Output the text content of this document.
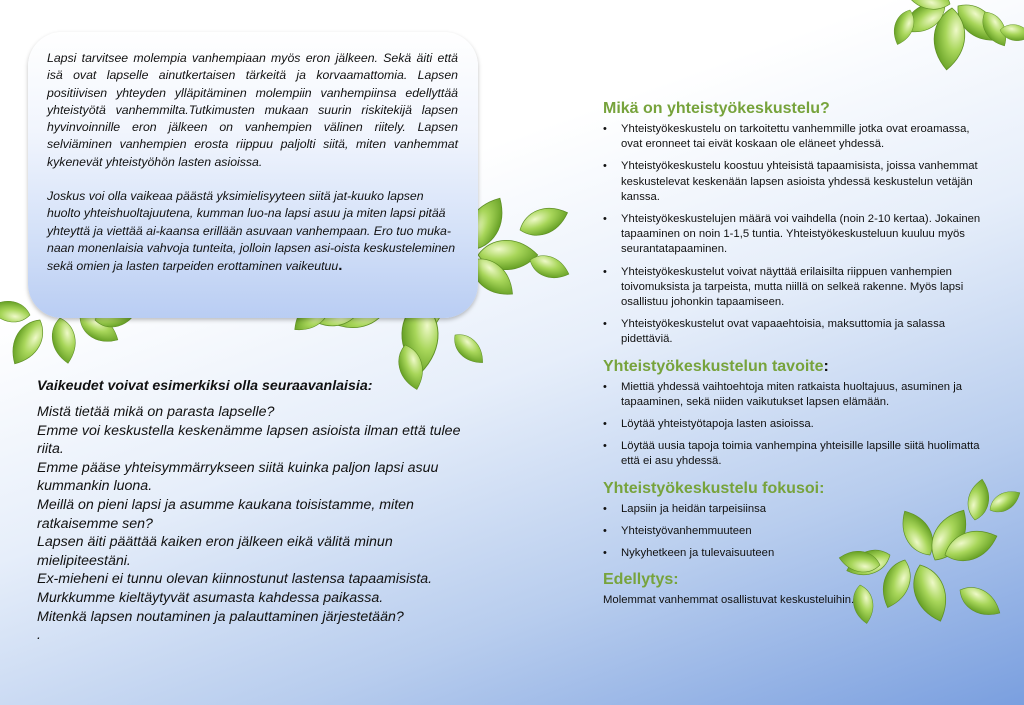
Lapsi tarvitsee molempia vanhempiaan myös eron jälkeen. Sekä äiti että isä ovat lapselle ainutkertaisen tärkeitä ja korvaamattomia. Lapsen positiivisen yhteyden ylläpitäminen molempiin vanhempiinsa edellyttää yhteistyötä vanhemmilta.Tutkimusten mukaan suurin riskitekijä lapsen hyvinvoinnille eron jälkeen on vanhempien välinen riitely. Lapsen selviäminen vanhempien erosta riippuu paljolti siitä, miten vanhemmat kykenevät yhteistyöhön lasten asioissa.

Joskus voi olla vaikeaa päästä yksimielisyyteen siitä jat-kuuko lapsen huolto yhteishuoltajuutena, kumman luo-na lapsi asuu ja miten lapsi pitää yhteyttä ja viettää ai-kaansa erillään asuvaan vanhempaan. Ero tuo muka-naan monenlaisia vahvoja tunteita, jolloin lapsen asi-oista keskusteleminen sekä omien ja lasten tarpeiden erottaminen vaikeutuu.

Vaikeudet voivat esimerkiksi olla seuraavanlaisia:

Mistä tietää mikä on parasta lapselle?

Emme voi keskustella keskenämme lapsen asioista ilman että tulee riita.

Emme pääse yhteisymmärrykseen siitä kuinka paljon lapsi asuu kummankin luona.

Meillä on pieni lapsi ja asumme kaukana toisistamme, miten ratkaisemme sen?

Lapsen äiti päättää kaiken eron jälkeen eikä välitä minun mielipiteestäni.

Ex-mieheni ei tunnu olevan kiinnostunut lastensa tapaamisista.

Murkkumme kieltäytyvät asumasta kahdessa paikassa.

Mitenkä lapsen noutaminen ja palauttaminen järjestetään?

.

Mikä on yhteistyökeskustelu?
• Yhteistyökeskustelu on tarkoitettu vanhemmille jotka ovat eroamassa, ovat eronneet tai eivät koskaan ole eläneet yhdessä.
• Yhteistyökeskustelu koostuu yhteisistä tapaamisista, joissa vanhemmat keskustelevat keskenään lapsen asioista yhdessä keskustelun vetäjän kanssa.
• Yhteistyökeskustelujen määrä voi vaihdella (noin 2-10 kertaa). Jokainen tapaaminen on noin 1-1,5 tuntia. Yhteistyökeskusteluun kuuluu myös seurantatapaaminen.
• Yhteistyökeskustelut voivat näyttää erilaisilta riippuen vanhempien toivomuksista ja tarpeista, mutta niillä on selkeä rakenne. Myös lapsi osallistuu johonkin tapaamiseen.
• Yhteistyökeskustelut ovat vapaaehtoisia, maksuttomia ja salassa pidettäviä.
Yhteistyökeskustelun tavoite:
• Miettiä yhdessä vaihtoehtoja miten ratkaista huoltajuus, asuminen ja tapaaminen, sekä niiden vaikutukset lapsen elämään.
• Löytää yhteistyötapoja lasten asioissa.
• Löytää uusia tapoja toimia vanhempina yhteisille lapsille siitä huolimatta että ei asu yhdessä.
Yhteistyökeskustelu fokusoi:
• Lapsiin ja heidän tarpeisiinsa
• Yhteistyövanhemmuuteen
• Nykyhetkeen ja tulevaisuuteen
Edellytys:

Molemmat vanhemmat osallistuvat keskusteluihin.
